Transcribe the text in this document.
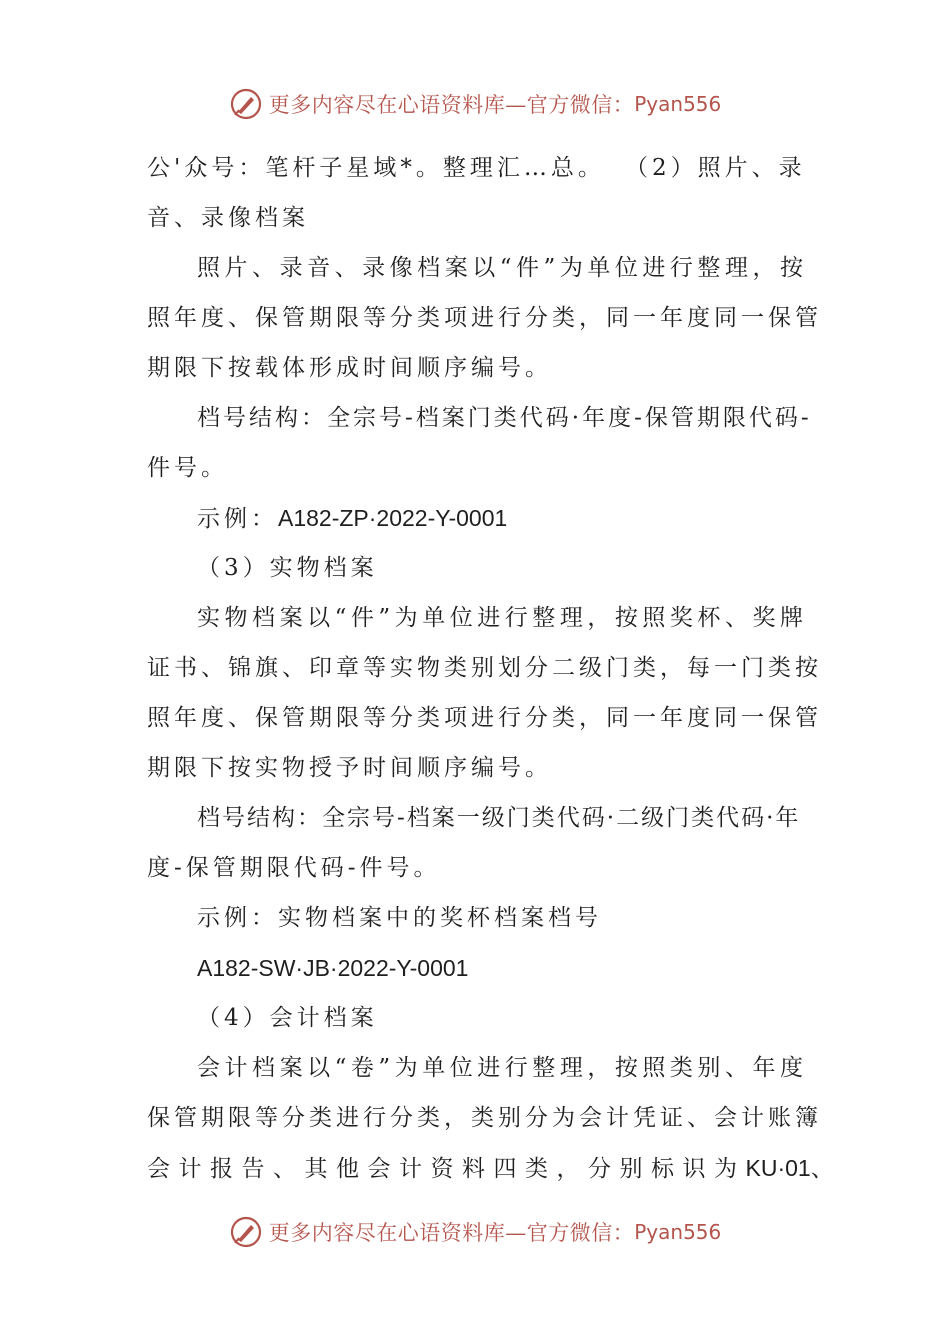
更多内容尽在心语资料库—官方微信： Pyan556
公'众号：笔杆子星域*。整理汇…总。 （2）照片、录
音、录像档案
照片、录音、录像档案以“件”为单位进行整理，按
照年度、保管期限等分类项进行分类，同一年度同一保管
期限下按载体形成时间顺序编号。
档号结构：全宗号-档案门类代码·年度-保管期限代码-
件号。
示例：A182-ZP·2022-Y-0001
（3）实物档案
实物档案以“件”为单位进行整理，按照奖杯、奖牌
证书、锦旗、印章等实物类别划分二级门类，每一门类按
照年度、保管期限等分类项进行分类，同一年度同一保管
期限下按实物授予时间顺序编号。
档号结构：全宗号-档案一级门类代码·二级门类代码·年
度-保管期限代码-件号。
示例：实物档案中的奖杯档案档号
A182-SW·JB·2022-Y-0001
（4）会计档案
会计档案以“卷”为单位进行整理，按照类别、年度
保管期限等分类进行分类，类别分为会计凭证、会计账簿
会计报告、其他会计资料四类，分别标识为KU·01、
更多内容尽在心语资料库—官方微信： Pyan556
